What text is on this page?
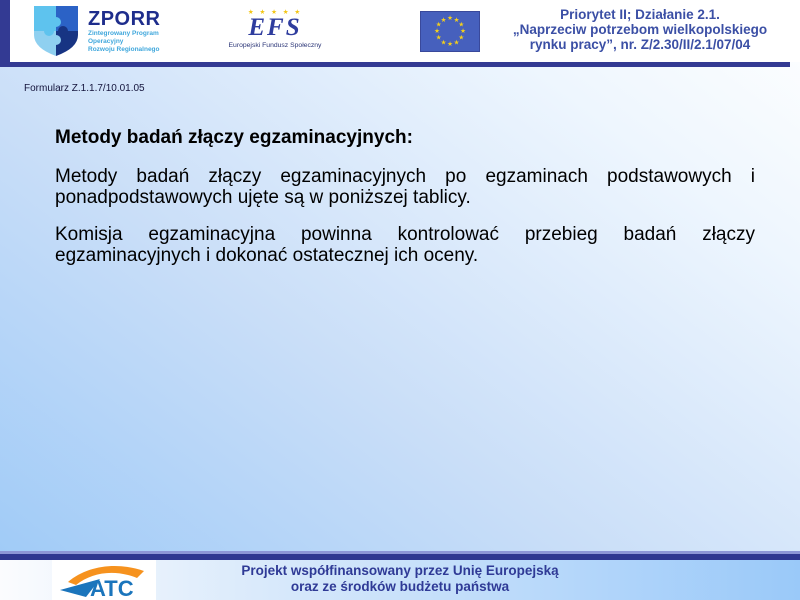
ZPORR
Zintegrowany Program
Operacyjny
Rozwoju Regionalnego
★ ★ ★ ★ ★
EFS
Europejski Fundusz Społeczny
★ ★
★
★
★
★
★
★
★
★
★
★	Priorytet II; Działanie 2.1.
„Naprzeciw potrzebom wielkopolskiego
rynku pracy”, nr. Z/2.30/II/2.1/07/04
Formularz Z.1.1.7/10.01.05
Metody badań złączy egzaminacyjnych:

Metody badań złączy egzaminacyjnych po egzaminach podstawowych i ponadpodstawowych ujęte są w poniższej tablicy.

Komisja egzaminacyjna powinna kontrolować przebieg badań złączy egzaminacyjnych i dokonać ostatecznej ich oceny.

ATC
Projekt współfinansowany przez Unię Europejską
oraz ze środków budżetu państwa
